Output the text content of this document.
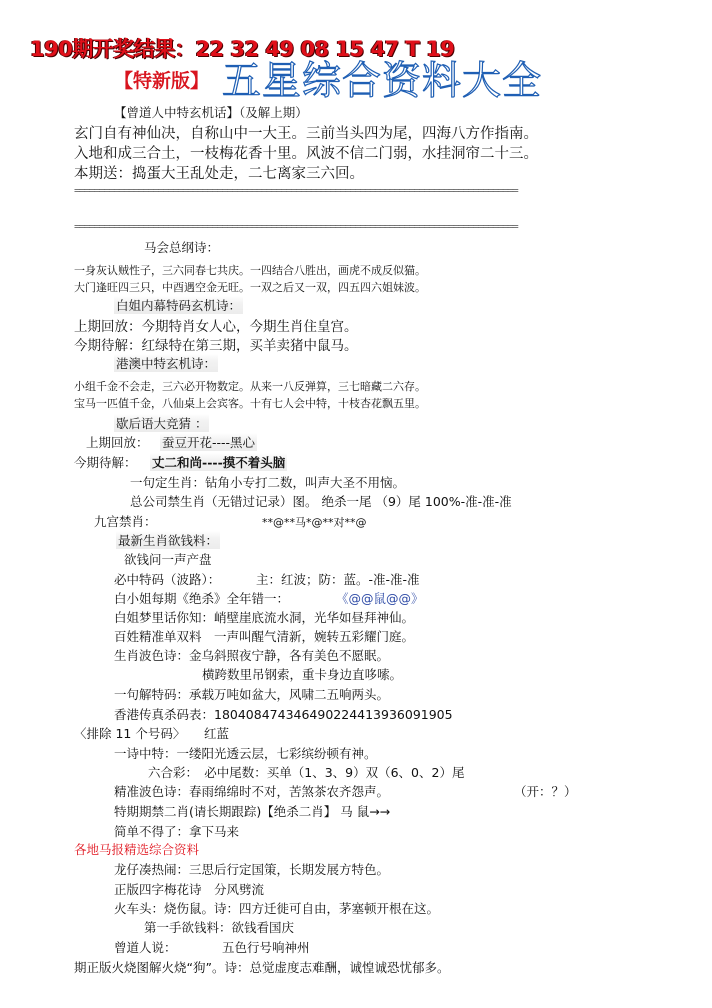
190期开奖结果：22 32 49 08 15 47 T 19
【特新版】 五星综合资料大全
【曾道人中特玄机话】（及解上期）
玄门自有神仙决，自称山中一大王。三前当头四为尾，四海八方作指南。
入地和成三合土，一枝梅花香十里。风波不信二门弱，水挂洞帘二十三。
本期送：捣蛋大王乱处走，二七离家三六回。
==========================================================================================
==========================================================================================
马会总纲诗：
一身灰认贼性子，三六同春七共庆。一四结合八胜出，画虎不成反似猫。
大门逢旺四三只，中酉遇空金无旺。一双之后又一双，四五四六姐妹波。
白姐内幕特码玄机诗：
上期回放：今期特肖女人心，今期生肖住皇宫。
今期待解：红绿特在第三期，买羊卖猪中鼠马。
港澳中特玄机诗：
小组千金不会走，三六必开物数定。从来一八反弹算，三七暗藏二六存。
宝马一匹值千金，八仙桌上会宾客。十有七人会中特，十枝杏花飘五里。
歇后语大竞猜 ：
上期回放： 蚕豆开花----黑心
今期待解： 丈二和尚----摸不着头脑
一句定生肖：钻角小专打二数，叫声大圣不用恼。
总公司禁生肖（无错过记录）图。 绝杀一尾 （9）尾 100%-准-准-准
九宫禁肖：	**@**马*@**对**@
最新生肖欲钱料：
欲钱问一声产盘
必中特码（波路）：	主：红波；防：蓝。-准-准-准
白小姐每期《绝杀》全年错一：	《@@鼠@@》
白姐梦里话你知：峭壁崖底流水洞，光华如昼拜神仙。
百姓精准单双料　一声叫醒气清新，婉转五彩耀门庭。
生肖波色诗：金乌斜照夜宁静，各有美色不愿眠。
横跨数里吊钢索，重卡身边直哆嗦。
一句解特码：承载万吨如盆大，风啸二五响两头。
香港传真杀码表：18040847434649022441393609190​5
〈排除 11 个号码〉 红蓝
一诗中特：一缕阳光透云层，七彩缤纷顿有神。
六合彩：　必中尾数：买单（1、3、9）双（6、0、2）尾
精准波色诗：春雨绵绵时不对，苦煞茶农齐怨声。	（开：？）
特期期禁二肖(请长期跟踪)【绝杀二肖】 马 鼠→→
简单不得了：拿下马来
各地马报精选综合资料
龙仔凑热闹：三思后行定国策，长期发展方特色。
正版四字梅花诗　分风劈流
火车头：烧伤鼠。诗：四方迁徙可自由，茅塞顿开根在这。
第一手欲钱料：欲钱看国庆
曾道人说：	五色行号响神州
期正版火烧图解火烧“狗”。诗：总觉虚度志难酬，诚惶诚恐忧郁多。
